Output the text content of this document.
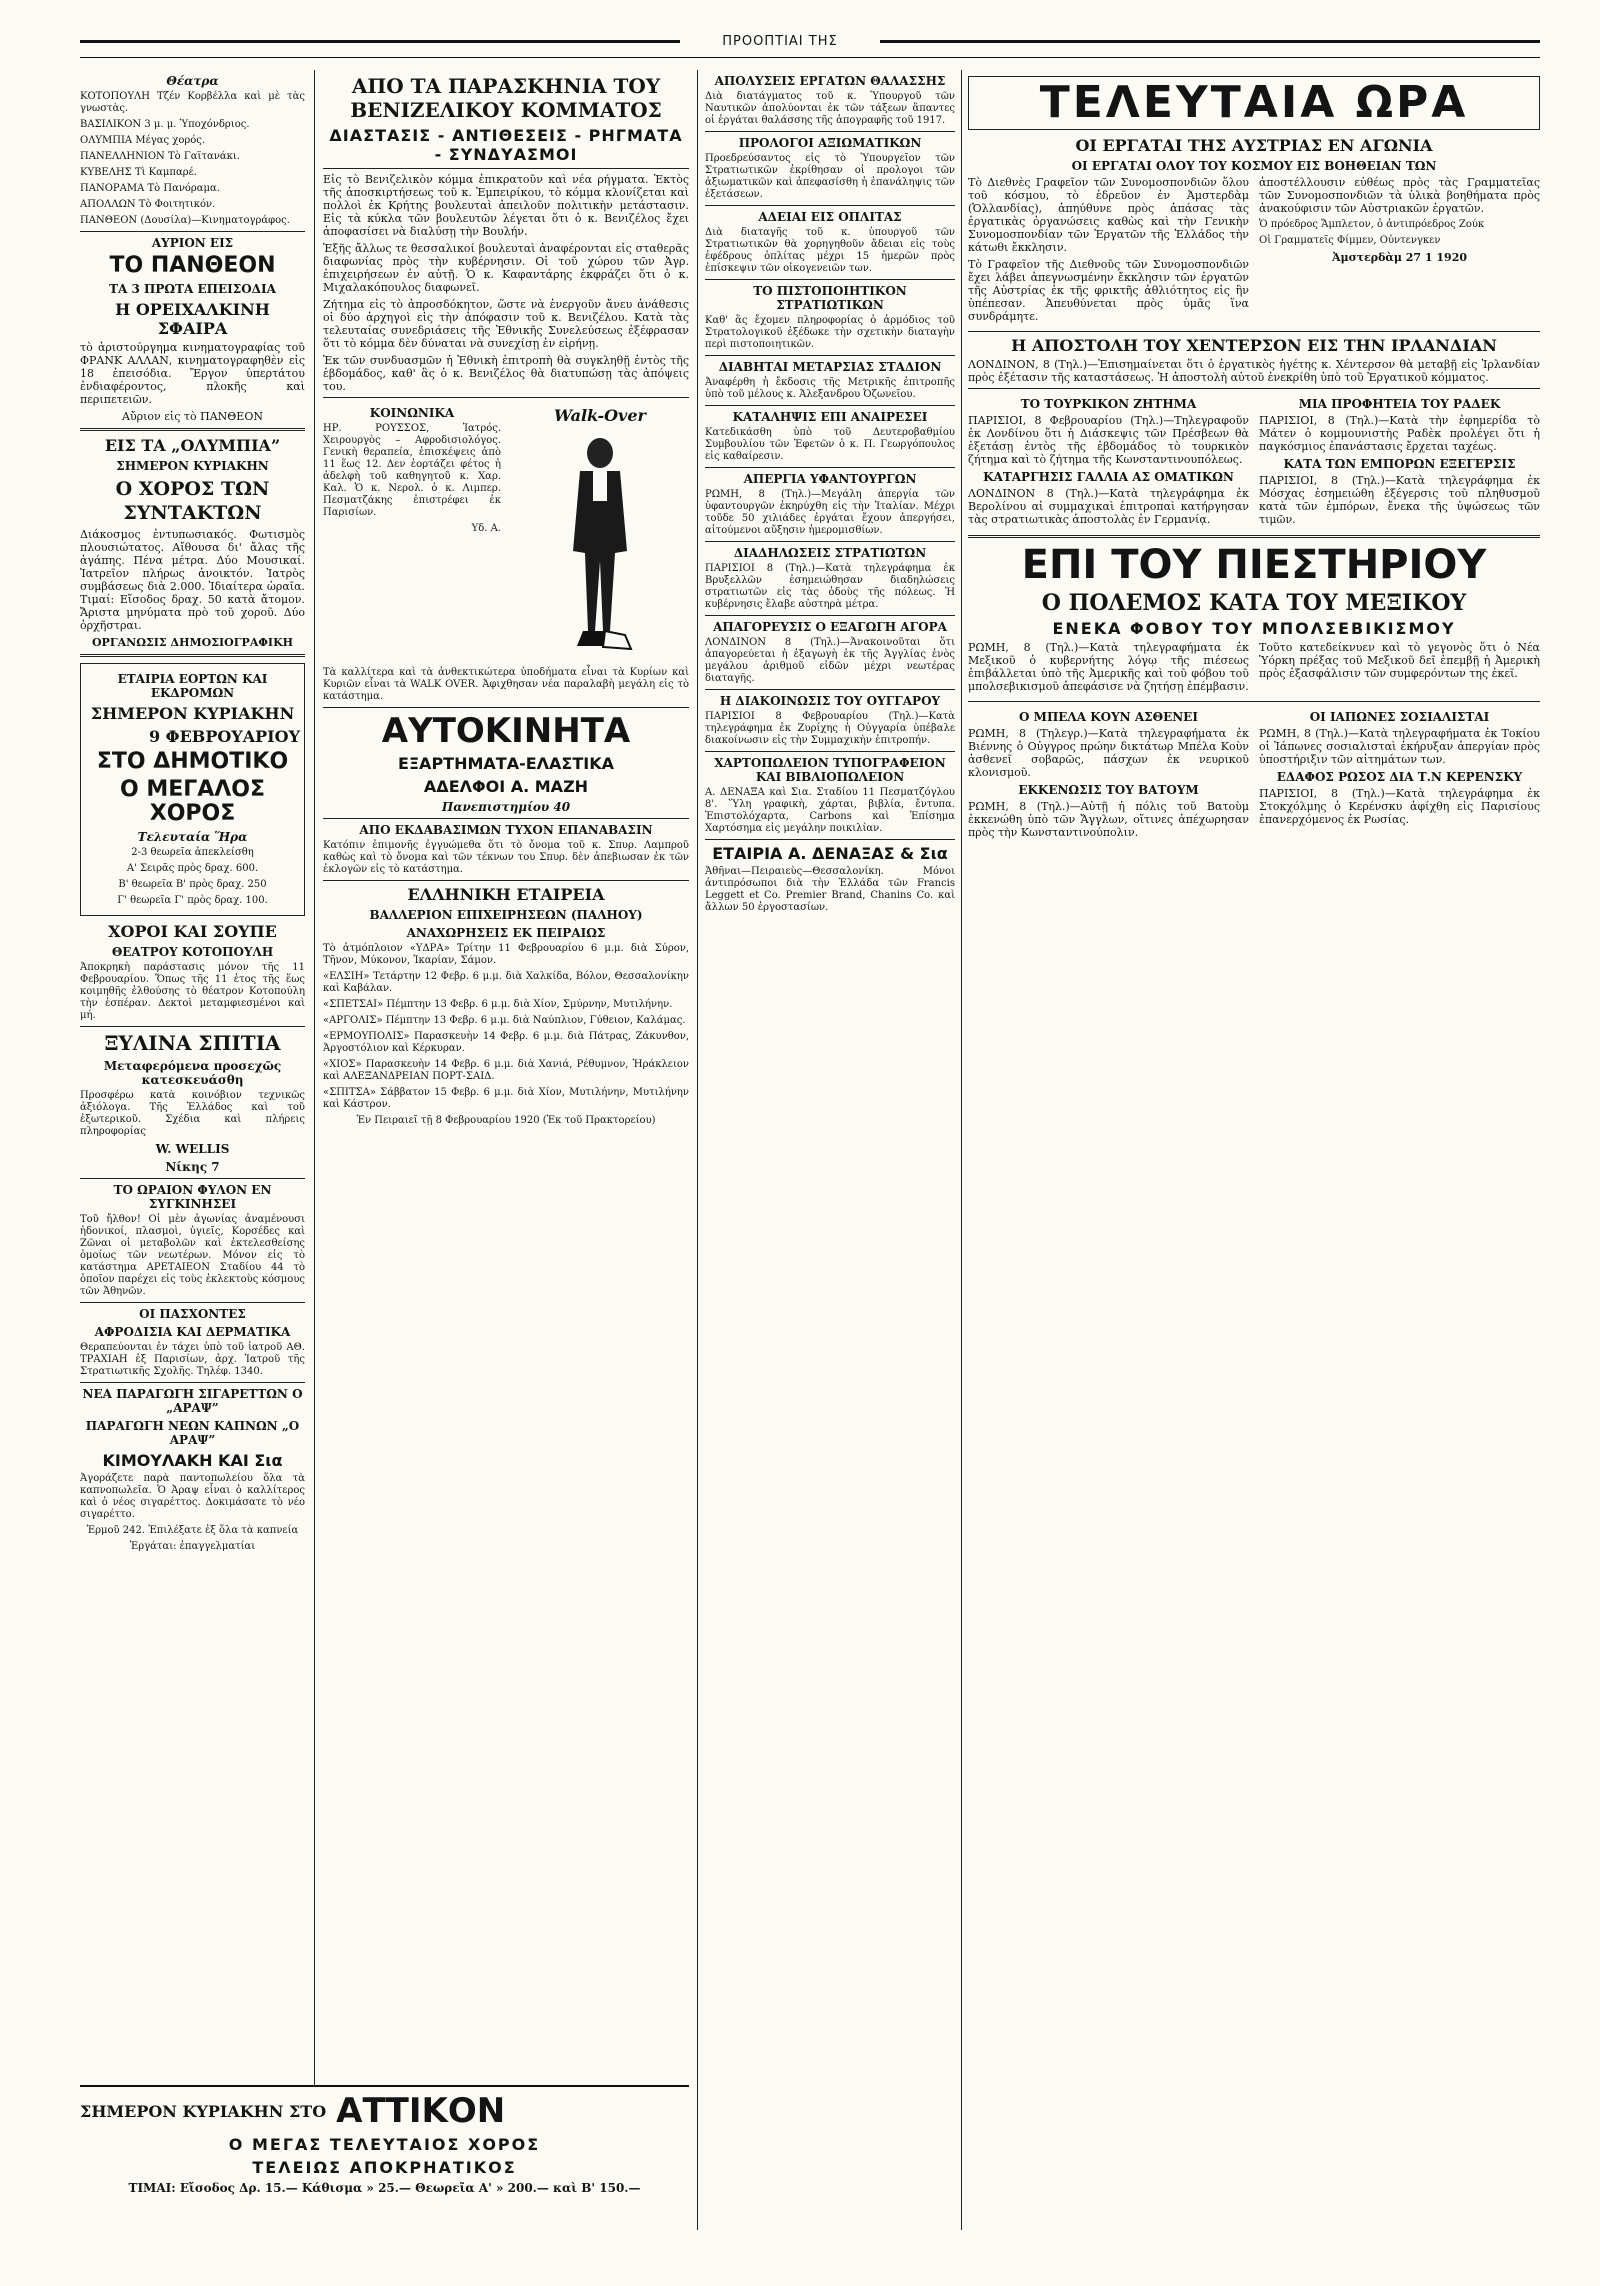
ΠΡΟΟΠΤΙΑΙ ΤΗΣ
Θέατρα

ΚΟΤΟΠΟΥΛΗ Τζέν Κορβέλλα καὶ μὲ τὰς γνωστὰς.

ΒΑΣΙΛΙΚΟΝ 3 μ. μ. Ὑποχόνδριος.

ΟΛΥΜΠΙΑ Μέγας χορός.

ΠΑΝΕΛΛΗΝΙΟΝ Τὸ Γαϊτανάκι.

ΚΥΒΕΛΗΣ Τὶ Καμπαρέ.

ΠΑΝΟΡΑΜΑ Τὸ Πανόραμα.

ΑΠΟΛΛΩΝ Τὸ Φοιτητικόν.

ΠΑΝΘΕΟΝ (Δουσίλα)—Κινηματογράφος.

ΑΥΡΙΟΝ ΕΙΣ
ΤΟ ΠΑΝΘΕΟΝ
ΤΑ 3 ΠΡΩΤΑ ΕΠΕΙΣΟΔΙΑ
Η ΟΡΕΙΧΑΛΚΙΝΗ ΣΦΑΙΡΑ

τὸ ἀριστούργημα κινηματογραφίας τοῦ ΦΡΑΝΚ ΑΛΛΑΝ, κινηματογραφηθὲν εἰς 18 ἐπεισόδια. Ἔργον ὑπερτάτου ἐνδιαφέροντος, πλοκῆς καὶ περιπετειῶν.

Αὔριον εἰς τὸ ΠΑΝΘΕΟΝ

ΕΙΣ ΤΑ „ΟΛΥΜΠΙΑ”
ΣΗΜΕΡΟΝ ΚΥΡΙΑΚΗΝ
Ο ΧΟΡΟΣ ΤΩΝ ΣΥΝΤΑΚΤΩΝ

Διάκοσμος ἐντυπωσιακός. Φωτισμὸς πλουσιώτατος. Αἴθουσα δι' ἄλας τῆς ἀγάπης. Πένα μέτρα. Δύο Μουσικαί. Ἰατρεῖον πλήρως ἀνοικτόν. Ἰατρὸς συμβάσεως διὰ 2.000. Ἰδιαίτερα ὡραῖα. Τιμαί: Εἴσοδος δραχ. 50 κατὰ ἄτομον. Ἄριστα μηνύματα πρὸ τοῦ χοροῦ. Δύο ὀρχῆστραι.

ΟΡΓΑΝΩΣΙΣ ΔΗΜΟΣΙΟΓΡΑΦΙΚΗ

ΕΤΑΙΡΙΑ ΕΟΡΤΩΝ ΚΑΙ ΕΚΔΡΟΜΩΝ
ΣΗΜΕΡΟΝ ΚΥΡΙΑΚΗΝ
9 ΦΕΒΡΟΥΑΡΙΟΥ
ΣΤΟ ΔΗΜΟΤΙΚΟ
Ο ΜΕΓΑΛΟΣ ΧΟΡΟΣ
Τελευταία Ἥρα

2-3 θεωρεῖα ἀπεκλείσθη

Α' Σειρᾶς πρὸς δραχ. 600.

Β' θεωρεῖα Β' πρὸς δραχ. 250

Γ' θεωρεῖα Γ' πρὸς δραχ. 100.

ΧΟΡΟΙ ΚΑΙ ΣΟΥΠΕ
ΘΕΑΤΡΟΥ ΚΟΤΟΠΟΥΛΗ

Ἀποκρηκὴ παράστασις μόνον τῆς 11 Φεβρουαρίου. Ὅπως τῆς 11 ἐτος τῆς ἕως κοιμηθῆς ἐλθούσης τὸ θέατρον Κοτοπούλη τὴν ἑσπέραν. Δεκτοὶ μεταμφιεσμένοι καὶ μή.

ΞΥΛΙΝΑ ΣΠΙΤΙΑ
Μεταφερόμενα προσεχῶς κατεσκευάσθη

Προσφέρω κατὰ κοινόβιον τεχνικῶς ἀξιόλογα. Τῆς Ἑλλάδος καὶ τοῦ ἐξωτερικοῦ. Σχέδια καὶ πλήρεις πληροφορίας

W. WELLIS
Νίκης 7
ΤΟ ΩΡΑΙΟΝ ΦΥΛΟΝ ΕΝ ΣΥΓΚΙΝΗΣΕΙ

Τοῦ ἤλθον! Οἱ μὲν ἀγωνίας ἀναμένουσι ἡδονικοί, πλασμοὶ, ὑγιεῖς, Κορσέδες καὶ Ζῶναι οἱ μεταβολῶν καὶ ἐκτελεσθείσης ὁμοίως τῶν νεωτέρων. Μόνον εἰς τὸ κατάστημα ΑΡΕΤΑΙΕΟΝ Σταδίου 44 τὸ ὁποῖον παρέχει εἰς τοὺς ἐκλεκτοὺς κόσμους τῶν Ἀθηνῶν.

ΟΙ ΠΑΣΧΟΝΤΕΣ
ΑΦΡΟΔΙΣΙΑ ΚΑΙ ΔΕΡΜΑΤΙΚΑ

Θεραπεύονται ἐν τάχει ὑπὸ τοῦ ἰατροῦ ΑΘ. ΤΡΑΧΙΑΗ ἐξ Παρισίων, ἀρχ. Ἰατροῦ τῆς Στρατιωτικῆς Σχολῆς. Τηλέφ. 1340.

ΝΕΑ ΠΑΡΑΓΩΓΗ ΣΙΓΑΡΕΤΤΩΝ Ο „ΑΡΑΨ”
ΠΑΡΑΓΩΓΗ ΝΕΩΝ ΚΑΠΝΩΝ „Ο ΑΡΑΨ”
ΚΙΜΟΥΛΑΚΗ ΚΑΙ Σια

Ἀγοράζετε παρὰ παντοπωλείου ὅλα τὰ καπνοπωλεῖα. Ὁ Ἀραψ εἶναι ὁ καλλίτερος καὶ ὁ νέος σιγαρέττος. Δοκιμάσατε τὸ νέο σιγαρέττο.

Ἑρμοῦ 242. Ἐπιλέξατε ἐξ ὅλα τὰ καπνεία

Ἐργάται: ἐπαγγελματίαι

ΑΠΟ ΤΑ ΠΑΡΑΣΚΗΝΙΑ ΤΟΥ ΒΕΝΙΖΕΛΙΚΟΥ ΚΟΜΜΑΤΟΣ
ΔΙΑΣΤΑΣΙΣ - ΑΝΤΙΘΕΣΕΙΣ - ΡΗΓΜΑΤΑ - ΣΥΝΔΥΑΣΜΟΙ

Εἰς τὸ Βενιζελικὸν κόμμα ἐπικρατοῦν καὶ νέα ρήγματα. Ἐκτὸς τῆς ἀποσκιρτήσεως τοῦ κ. Ἐμπειρίκου, τὸ κόμμα κλονίζεται καὶ πολλοὶ ἐκ Κρήτης βουλευταὶ ἀπειλοῦν πολιτικὴν μετάστασιν. Εἰς τὰ κύκλα τῶν βουλευτῶν λέγεται ὅτι ὁ κ. Βενιζέλος ἔχει ἀποφασίσει νὰ διαλύσῃ τὴν Βουλήν.

Ἐξῆς ἄλλως τε θεσσαλικοί βουλευταὶ ἀναφέρονται εἰς σταθερᾶς διαφωνίας πρὸς τὴν κυβέρνησιν. Οἱ τοῦ χώρου τῶν Ἀγρ. ἐπιχειρήσεων ἐν αὐτῇ. Ὁ κ. Καφαντάρης ἐκφράζει ὅτι ὁ κ. Μιχαλακόπουλος διαφωνεῖ.

Ζήτημα εἰς τὸ ἀπροσδόκητον, ὥστε νὰ ἐνεργοῦν ἄνευ ἀνάθεσις οἱ δύο ἀρχηγοὶ εἰς τὴν ἀπόφασιν τοῦ κ. Βενιζέλου. Κατὰ τὰς τελευταίας συνεδριάσεις τῆς Ἐθνικῆς Συνελεύσεως ἐξέφρασαν ὅτι τὸ κόμμα δὲν δύναται νὰ συνεχίσῃ ἐν εἰρήνῃ.

Ἐκ τῶν συνδυασμῶν ἡ Ἐθνικὴ ἐπιτροπὴ θὰ συγκληθῇ ἐντὸς τῆς ἑβδομάδος, καθ' ἃς ὁ κ. Βενιζέλος θὰ διατυπώσῃ τὰς ἀπόψεις του.

ΚΟΙΝΩΝΙΚΑ

ΗΡ. ΡΟΥΣΣΟΣ, Ἰατρός. Χειρουργὸς – Αφροδισιολόγος. Γενικὴ θεραπεία, ἐπισκέψεις ἀπὸ 11 ἕως 12. Δεν ἑορτάζει φέτος ἡ ἀδελφὴ τοῦ καθηγητοῦ κ. Χαρ. Καλ. Ὁ κ. Νερολ. ὁ κ. Λιμπερ. Πεσματζάκης ἐπιστρέφει ἐκ Παρισίων.

Υδ. Α.

Walk-Over

Τὰ καλλίτερα καὶ τὰ ἀνθεκτικώτερα ὑποδήματα εἶναι τὰ Κυρίων καὶ Κυριῶν εἶναι τὰ WALK OVER. Ἀφιχθησαν νέα παραλαβὴ μεγάλη εἰς τὸ κατάστημα.

ΑΥΤΟΚΙΝΗΤΑ
ΕΞΑΡΤΗΜΑΤΑ-ΕΛΑΣΤΙΚΑ
ΑΔΕΛΦΟΙ Α. ΜΑΖΗ
Πανεπιστημίου 40
ΑΠΟ ΕΚΔΑΒΑΣΙΜΩΝ ΤΥΧΟΝ ΕΠΑΝΑΒΑΣΙΝ

Κατόπιν ἐπιμονῆς ἐγγυώμεθα ὅτι τὸ ὄνομα τοῦ κ. Σπυρ. Λαμπροῦ καθὼς καὶ τὸ ὄνομα καὶ τῶν τέκνων του Σπυρ. δὲν ἀπεβιωσαν ἐκ τῶν ἐκλογῶν εἰς τὸ κατάστημα.

ΕΛΛΗΝΙΚΗ ΕΤΑΙΡΕΙΑ
ΒΑΛΛΕΡΙΟΝ ΕΠΙΧΕΙΡΗΣΕΩΝ (ΠΑΛΗΟΥ)
ΑΝΑΧΩΡΗΣΕΙΣ ΕΚ ΠΕΙΡΑΙΩΣ

Τὸ ἀτμόπλοιον «ΥΔΡΑ» Τρίτην 11 Φεβρουαρίου 6 μ.μ. διὰ Σύρον, Τῆνον, Μύκονον, Ἰκαρίαν, Σάμον.

«ΕΛΣΙΗ» Τετάρτην 12 Φεβρ. 6 μ.μ. διὰ Χαλκίδα, Βόλον, Θεσσαλονίκην καὶ Καβάλαν.

«ΣΠΕΤΣΑΙ» Πέμπτην 13 Φεβρ. 6 μ.μ. διὰ Χίον, Σμύρνην, Μυτιλήνην.

«ΑΡΓΟΛΙΣ» Πέμπτην 13 Φεβρ. 6 μ.μ. διὰ Ναύπλιον, Γύθειον, Καλάμας.

«ΕΡΜΟΥΠΟΛΙΣ» Παρασκευὴν 14 Φεβρ. 6 μ.μ. διὰ Πάτρας, Ζάκυνθον, Ἀργοστόλιον καὶ Κέρκυραν.

«ΧΙΟΣ» Παρασκευὴν 14 Φεβρ. 6 μ.μ. διὰ Χανιά, Ρέθυμνον, Ἡράκλειον καὶ ΑΛΕΞΑΝΔΡΕΙΑΝ ΠΟΡΤ-ΣΑΙΔ.

«ΣΠΙΤΣΑ» Σάββατον 15 Φεβρ. 6 μ.μ. διὰ Χίον, Μυτιλήνην, Μυτιλήνην καὶ Κάστρον.

Ἐν Πειραιεῖ τῇ 8 Φεβρουαρίου 1920 (Ἐκ τοῦ Πρακτορείου)

ΑΠΟΛΥΣΕΙΣ ΕΡΓΑΤΩΝ ΘΑΛΑΣΣΗΣ

Διὰ διατάγματος τοῦ κ. Ὑπουργοῦ τῶν Ναυτικῶν ἀπολύονται ἐκ τῶν τάξεων ἅπαντες οἱ ἐργάται θαλάσσης τῆς ἀπογραφῆς τοῦ 1917.

ΠΡΟΛΟΓΟΙ ΑΞΙΩΜΑΤΙΚΩΝ

Προεδρεύσαντος εἰς τὸ Ὑπουργεῖον τῶν Στρατιωτικῶν ἐκρίθησαν οἱ προλογοι τῶν ἀξιωματικῶν καὶ ἀπεφασίσθη ἡ ἐπανάληψις τῶν ἐξετάσεων.

ΑΔΕΙΑΙ ΕΙΣ ΟΠΛΙΤΑΣ

Διὰ διαταγῆς τοῦ κ. ὑπουργοῦ τῶν Στρατιωτικῶν θὰ χορηγηθοῦν ἄδειαι εἰς τοὺς ἐφέδρους ὁπλίτας μέχρι 15 ἡμερῶν πρὸς ἐπίσκεψιν τῶν οἰκογενειῶν των.

ΤΟ ΠΙΣΤΟΠΟΙΗΤΙΚΟΝ ΣΤΡΑΤΙΩΤΙΚΩΝ

Καθ' ἃς ἔχομεν πληροφορίας ὁ ἀρμόδιος τοῦ Στρατολογικοῦ ἐξέδωκε τὴν σχετικὴν διαταγὴν περὶ πιστοποιητικῶν.

ΔΙΑΒΗΤΑΙ ΜΕΤΑΡΣΙΑΣ ΣΤΑΔΙΟΝ

Ἀναφέρθη ἡ ἔκδοσις τῆς Μετρικῆς ἐπιτροπῆς ὑπὸ τοῦ μέλους κ. Ἀλεξανδρου Ὀζωνεῖου.

ΚΑΤΑΛΗΨΙΣ ΕΠΙ ΑΝΑΙΡΕΣΕΙ

Κατεδικάσθη ὑπὸ τοῦ Δευτεροβαθμίου Συμβουλίου τῶν Ἐφετῶν ὁ κ. Π. Γεωργόπουλος εἰς καθαίρεσιν.

ΑΠΕΡΓΙΑ ΥΦΑΝΤΟΥΡΓΩΝ

ΡΩΜΗ, 8 (Τηλ.)—Μεγάλη ἀπεργία τῶν ὑφαντουργῶν ἐκηρύχθη εἰς τὴν Ἰταλίαν. Μέχρι τοῦδε 50 χιλιάδες ἐργάται ἔχουν ἀπεργήσει, αἰτούμενοι αὔξησιν ἡμερομισθίων.

ΔΙΑΔΗΛΩΣΕΙΣ ΣΤΡΑΤΙΩΤΩΝ

ΠΑΡΙΣΙΟΙ 8 (Τηλ.)—Κατὰ τηλεγράφημα ἐκ Βρυξελλῶν ἐσημειώθησαν διαδηλώσεις στρατιωτῶν εἰς τὰς ὁδοὺς τῆς πόλεως. Ἡ κυβέρνησις ἔλαβε αὐστηρὰ μέτρα.

ΑΠΑΓΟΡΕΥΣΙΣ Ο ΕΞΑΓΩΓΗ ΑΓΟΡΑ

ΛΟΝΔΙΝΟΝ 8 (Τηλ.)—Ἀνακοινοῦται ὅτι ἀπαγορεύεται ἡ ἐξαγωγὴ ἐκ τῆς Ἀγγλίας ἑνὸς μεγάλου ἀριθμοῦ εἰδῶν μέχρι νεωτέρας διαταγῆς.

Η ΔΙΑΚΟΙΝΩΣΙΣ ΤΟΥ ΟΥΓΓΑΡΟΥ

ΠΑΡΙΣΙΟΙ 8 Φεβρουαρίου (Τηλ.)—Κατὰ τηλεγράφημα ἐκ Ζυρίχης ἡ Οὐγγαρία ὑπέβαλε διακοίνωσιν εἰς τὴν Συμμαχικὴν ἐπιτροπήν.

ΧΑΡΤΟΠΩΛΕΙΟΝ ΤΥΠΟΓΡΑΦΕΙΟΝ ΚΑΙ ΒΙΒΛΙΟΠΩΛΕΙΟΝ

Α. ΔΕΝΑΞΑ καὶ Σια. Σταδίου 11 Πεσματζόγλου 8'. Ὕλη γραφικὴ, χάρται, βιβλία, ἔντυπα. Ἐπιστολόχαρτα, Carbons καὶ Ἐπίσημα Χαρτόσημα εἰς μεγάλην ποικιλίαν.

ΕΤΑΙΡΙΑ Α. ΔΕΝΑΞΑΣ & Σια

Ἀθῆναι—Πειραιεὺς—Θεσσαλονίκη. Μόνοι ἀντιπρόσωποι διὰ τὴν Ἑλλάδα τῶν Francis Leggett et Co. Premier Brand, Chanins Co. καὶ ἄλλων 50 ἐργοστασίων.

ΤΕΛΕΥΤΑΙΑ ΩΡΑ
ΟΙ ΕΡΓΑΤΑΙ ΤΗΣ ΑΥΣΤΡΙΑΣ ΕΝ ΑΓΩΝΙΑ
ΟΙ ΕΡΓΑΤΑΙ ΟΛΟΥ ΤΟΥ ΚΟΣΜΟΥ ΕΙΣ ΒΟΗΘΕΙΑΝ ΤΩΝ

Τὸ Διεθνὲς Γραφεῖον τῶν Συνομοσπονδιῶν ὅλου τοῦ κόσμου, τὸ ἑδρεῦον ἐν Ἀμστερδὰμ (Ὁλλανδίας), ἀπηύθυνε πρὸς ἁπάσας τὰς ἐργατικὰς ὀργανώσεις καθὼς καὶ τὴν Γενικὴν Συνομοσπονδίαν τῶν Ἐργατῶν τῆς Ἑλλάδος τὴν κάτωθι ἔκκλησιν.

Τὸ Γραφεῖον τῆς Διεθνοῦς τῶν Συνομοσπονδιῶν ἔχει λάβει ἀπεγνωσμένην ἔκκλησιν τῶν ἐργατῶν τῆς Αὐστρίας ἐκ τῆς φρικτῆς ἀθλιότητος εἰς ἣν ὑπέπεσαν. Ἀπευθύνεται πρὸς ὑμᾶς ἵνα συνδράμητε.

ἀποστέλλουσιν εὐθέως πρὸς τὰς Γραμματεῖας τῶν Συνομοσπονδιῶν τὰ ὑλικὰ βοηθήματα πρὸς ἀνακούφισιν τῶν Αὐστριακῶν ἐργατῶν.

Ὁ πρόεδρος Ἄμπλετον, ὁ ἀντιπρόεδρος Ζούκ

Οἱ Γραμματεῖς Φίμμεν, Οὐντενγκεν

Ἀμστερδὰμ 27 1 1920

Η ΑΠΟΣΤΟΛΗ ΤΟΥ ΧΕΝΤΕΡΣΟΝ ΕΙΣ ΤΗΝ ΙΡΛΑΝΔΙΑΝ

ΛΟΝΔΙΝΟΝ, 8 (Τηλ.)—Ἐπισημαίνεται ὅτι ὁ ἐργατικὸς ἡγέτης κ. Χέντερσον θὰ μεταβῇ εἰς Ἰρλανδίαν πρὸς ἐξέτασιν τῆς καταστάσεως. Ἡ ἀποστολὴ αὐτοῦ ἐνεκρίθη ὑπὸ τοῦ Ἐργατικοῦ κόμματος.

ΤΟ ΤΟΥΡΚΙΚΟΝ ΖΗΤΗΜΑ

ΠΑΡΙΣΙΟΙ, 8 Φεβρουαρίου (Τηλ.)—Τηλεγραφοῦν ἐκ Λονδίνου ὅτι ἡ Διάσκεψις τῶν Πρέσβεων θὰ ἐξετάσῃ ἐντὸς τῆς ἑβδομάδος τὸ τουρκικὸν ζήτημα καὶ τὸ ζήτημα τῆς Κωνσταντινουπόλεως.

ΚΑΤΑΡΓΗΣΙΣ ΓΑΛΛΙΑ ΑΣ ΟΜΑΤΙΚΩΝ

ΛΟΝΔΙΝΟΝ 8 (Τηλ.)—Κατὰ τηλεγράφημα ἐκ Βερολίνου αἱ συμμαχικαὶ ἐπιτροπαὶ κατήργησαν τὰς στρατιωτικὰς ἀποστολὰς ἐν Γερμανίᾳ.

ΜΙΑ ΠΡΟΦΗΤΕΙΑ ΤΟΥ ΡΑΔΕΚ

ΠΑΡΙΣΙΟΙ, 8 (Τηλ.)—Κατὰ τὴν ἐφημερίδα τὸ Μάτεν ὁ κομμουνιστὴς Ραδὲκ προλέγει ὅτι ἡ παγκόσμιος ἐπανάστασις ἔρχεται ταχέως.

ΚΑΤΑ ΤΩΝ ΕΜΠΟΡΩΝ ΕΞΕΓΕΡΣΙΣ

ΠΑΡΙΣΙΟΙ, 8 (Τηλ.)—Κατὰ τηλεγράφημα ἐκ Μόσχας ἐσημειώθη ἐξέγερσις τοῦ πληθυσμοῦ κατὰ τῶν ἐμπόρων, ἔνεκα τῆς ὑψώσεως τῶν τιμῶν.

ΕΠΙ ΤΟΥ ΠΙΕΣΤΗΡΙΟΥ
Ο ΠΟΛΕΜΟΣ ΚΑΤΑ ΤΟΥ ΜΕΞΙΚΟΥ
ΕΝΕΚΑ ΦΟΒΟΥ ΤΟΥ ΜΠΟΛΣΕΒΙΚΙΣΜΟΥ

ΡΩΜΗ, 8 (Τηλ.)—Κατὰ τηλεγραφήματα ἐκ Μεξικοῦ ὁ κυβερνήτης λόγῳ τῆς πιέσεως ἐπιβάλλεται ὑπὸ τῆς Ἀμερικῆς καὶ τοῦ φόβου τοῦ μπολσεβικισμοῦ ἀπεφάσισε νὰ ζητήσῃ ἐπέμβασιν.

Τοῦτο κατεδείκνυεν καὶ τὸ γεγονὸς ὅτι ὁ Νέα Ὑόρκη πρέξας τοῦ Μεξικοῦ δεῖ ἐπεμβῇ ἡ Ἀμερικὴ πρὸς ἐξασφάλισιν τῶν συμφερόντων της ἐκεῖ.

Ο ΜΠΕΛΑ ΚΟΥΝ ΑΣΘΕΝΕΙ

ΡΩΜΗ, 8 (Τηλεγρ.)—Κατὰ τηλεγραφήματα ἐκ Βιέννης ὁ Οὐγγρος πρώην δικτάτωρ Μπέλα Κοὺν ἀσθενεῖ σοβαρῶς, πάσχων ἐκ νευρικοῦ κλονισμοῦ.

ΕΚΚΕΝΩΣΙΣ ΤΟΥ ΒΑΤΟΥΜ

ΡΩΜΗ, 8 (Τηλ.)—Αὐτῇ ἡ πόλις τοῦ Βατοὺμ ἐκκενώθη ὑπὸ τῶν Ἄγγλων, οἵτινες ἀπέχωρησαν πρὸς τὴν Κωνσταντινούπολιν.

ΟΙ ΙΑΠΩΝΕΣ ΣΟΣΙΑΛΙΣΤΑΙ

ΡΩΜΗ, 8 (Τηλ.)—Κατὰ τηλεγραφήματα ἐκ Τοκίου οἱ Ἰάπωνες σοσιαλισταὶ ἐκήρυξαν ἀπεργίαν πρὸς ὑποστήριξιν τῶν αἰτημάτων των.

ΕΔΑΦΟΣ ΡΩΣΟΣ ΔΙΑ Τ.Ν ΚΕΡΕΝΣΚΥ

ΠΑΡΙΣΙΟΙ, 8 (Τηλ.)—Κατὰ τηλεγράφημα ἐκ Στοκχόλμης ὁ Κερένσκυ ἀφίχθη εἰς Παρισίους ἐπανερχόμενος ἐκ Ρωσίας.

ΣΗΜΕΡΟΝ ΚΥΡΙΑΚΗΝ ΣΤΟ ΑΤΤΙΚΟΝ
Ο ΜΕΓΑΣ ΤΕΛΕΥΤΑΙΟΣ ΧΟΡΟΣ
ΤΕΛΕΙΩΣ ΑΠΟΚΡΗΑΤΙΚΟΣ
ΤΙΜΑΙ: Εἴσοδος Δρ. 15.— Κάθισμα » 25.— Θεωρεῖα Α' » 200.— καὶ Β' 150.—
